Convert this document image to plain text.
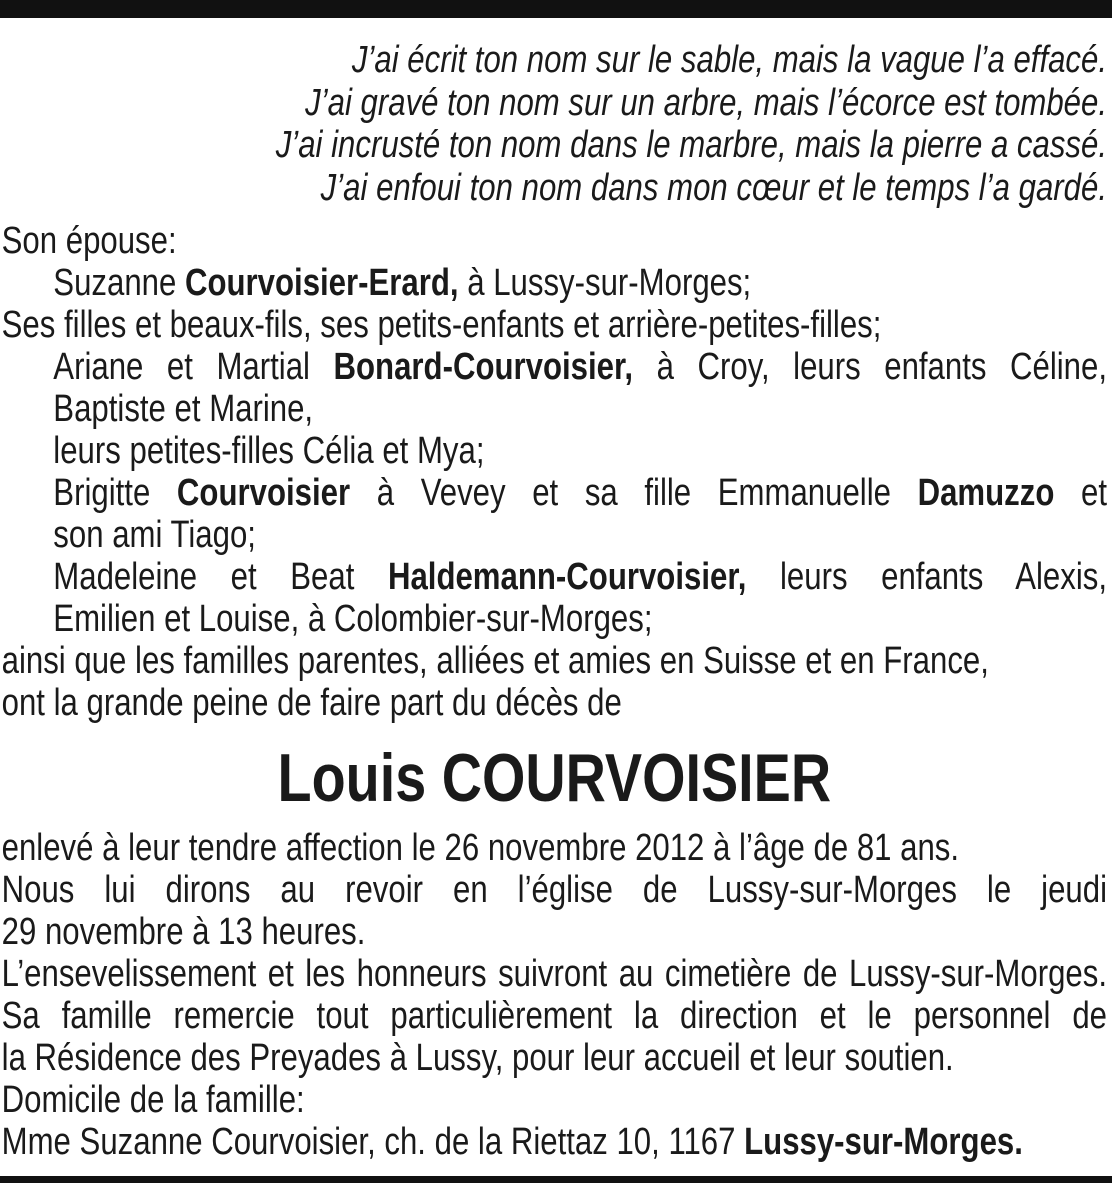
J’ai écrit ton nom sur le sable, mais la vague l’a effacé.
J’ai gravé ton nom sur un arbre, mais l’écorce est tombée.
J’ai incrusté ton nom dans le marbre, mais la pierre a cassé.
J’ai enfoui ton nom dans mon cœur et le temps l’a gardé.
Son épouse:
Suzanne Courvoisier-Erard, à Lussy-sur-Morges;
Ses filles et beaux-fils, ses petits-enfants et arrière-petites-filles;
Ariane et Martial Bonard-Courvoisier, à Croy, leurs enfants Céline,
Baptiste et Marine,
leurs petites-filles Célia et Mya;
Brigitte Courvoisier à Vevey et sa fille Emmanuelle Damuzzo et
son ami Tiago;
Madeleine et Beat Haldemann-Courvoisier, leurs enfants Alexis,
Emilien et Louise, à Colombier-sur-Morges;
ainsi que les familles parentes, alliées et amies en Suisse et en France,
ont la grande peine de faire part du décès de
Louis COURVOISIER
enlevé à leur tendre affection le 26 novembre 2012 à l’âge de 81 ans.
Nous lui dirons au revoir en l’église de Lussy-sur-Morges le jeudi
29 novembre à 13 heures.
L’ensevelissement et les honneurs suivront au cimetière de Lussy-sur-Morges.
Sa famille remercie tout particulièrement la direction et le personnel de
la Résidence des Preyades à Lussy, pour leur accueil et leur soutien.
Domicile de la famille:
Mme Suzanne Courvoisier, ch. de la Riettaz 10, 1167 Lussy-sur-Morges.
